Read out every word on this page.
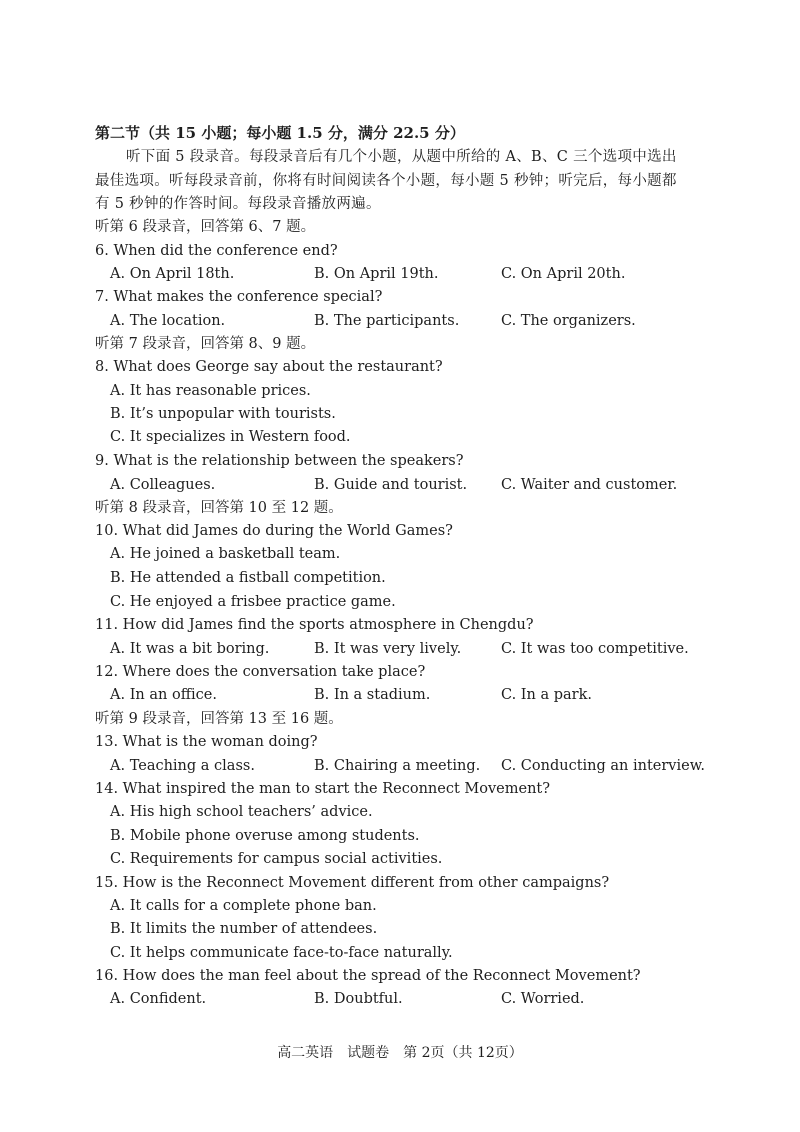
第二节（共 15 小题；每小题 1.5 分，满分 22.5 分）
听下面 5 段录音。每段录音后有几个小题，从题中所给的 A、B、C 三个选项中选出
最佳选项。听每段录音前，你将有时间阅读各个小题，每小题 5 秒钟；听完后，每小题都
有 5 秒钟的作答时间。每段录音播放两遍。
听第 6 段录音，回答第 6、7 题。
6. When did the conference end?
A. On April 18th.	B. On April 19th.	C. On April 20th.
7. What makes the conference special?
A. The location.	B. The participants.	C. The organizers.
听第 7 段录音，回答第 8、9 题。
8. What does George say about the restaurant?
A. It has reasonable prices.
B. It’s unpopular with tourists.
C. It specializes in Western food.
9. What is the relationship between the speakers?
A. Colleagues.	B. Guide and tourist. C. Waiter and customer.
听第 8 段录音，回答第 10 至 12 题。
10. What did James do during the World Games?
A. He joined a basketball team.
B. He attended a fistball competition.
C. He enjoyed a frisbee practice game.
11. How did James find the sports atmosphere in Chengdu?
A. It was a bit boring.	B. It was very lively.	C. It was too competitive.
12. Where does the conversation take place?
A. In an office.	B. In a stadium.	C. In a park.
听第 9 段录音，回答第 13 至 16 题。
13. What is the woman doing?
A. Teaching a class.	B. Chairing a meeting. C. Conducting an interview.
14. What inspired the man to start the Reconnect Movement?
A. His high school teachers’ advice.
B. Mobile phone overuse among students.
C. Requirements for campus social activities.
15. How is the Reconnect Movement different from other campaigns?
A. It calls for a complete phone ban.
B. It limits the number of attendees.
C. It helps communicate face-to-face naturally.
16. How does the man feel about the spread of the Reconnect Movement?
A. Confident.	B. Doubtful.	C. Worried.
高二英语　试题卷　第 2页（共 12页）
